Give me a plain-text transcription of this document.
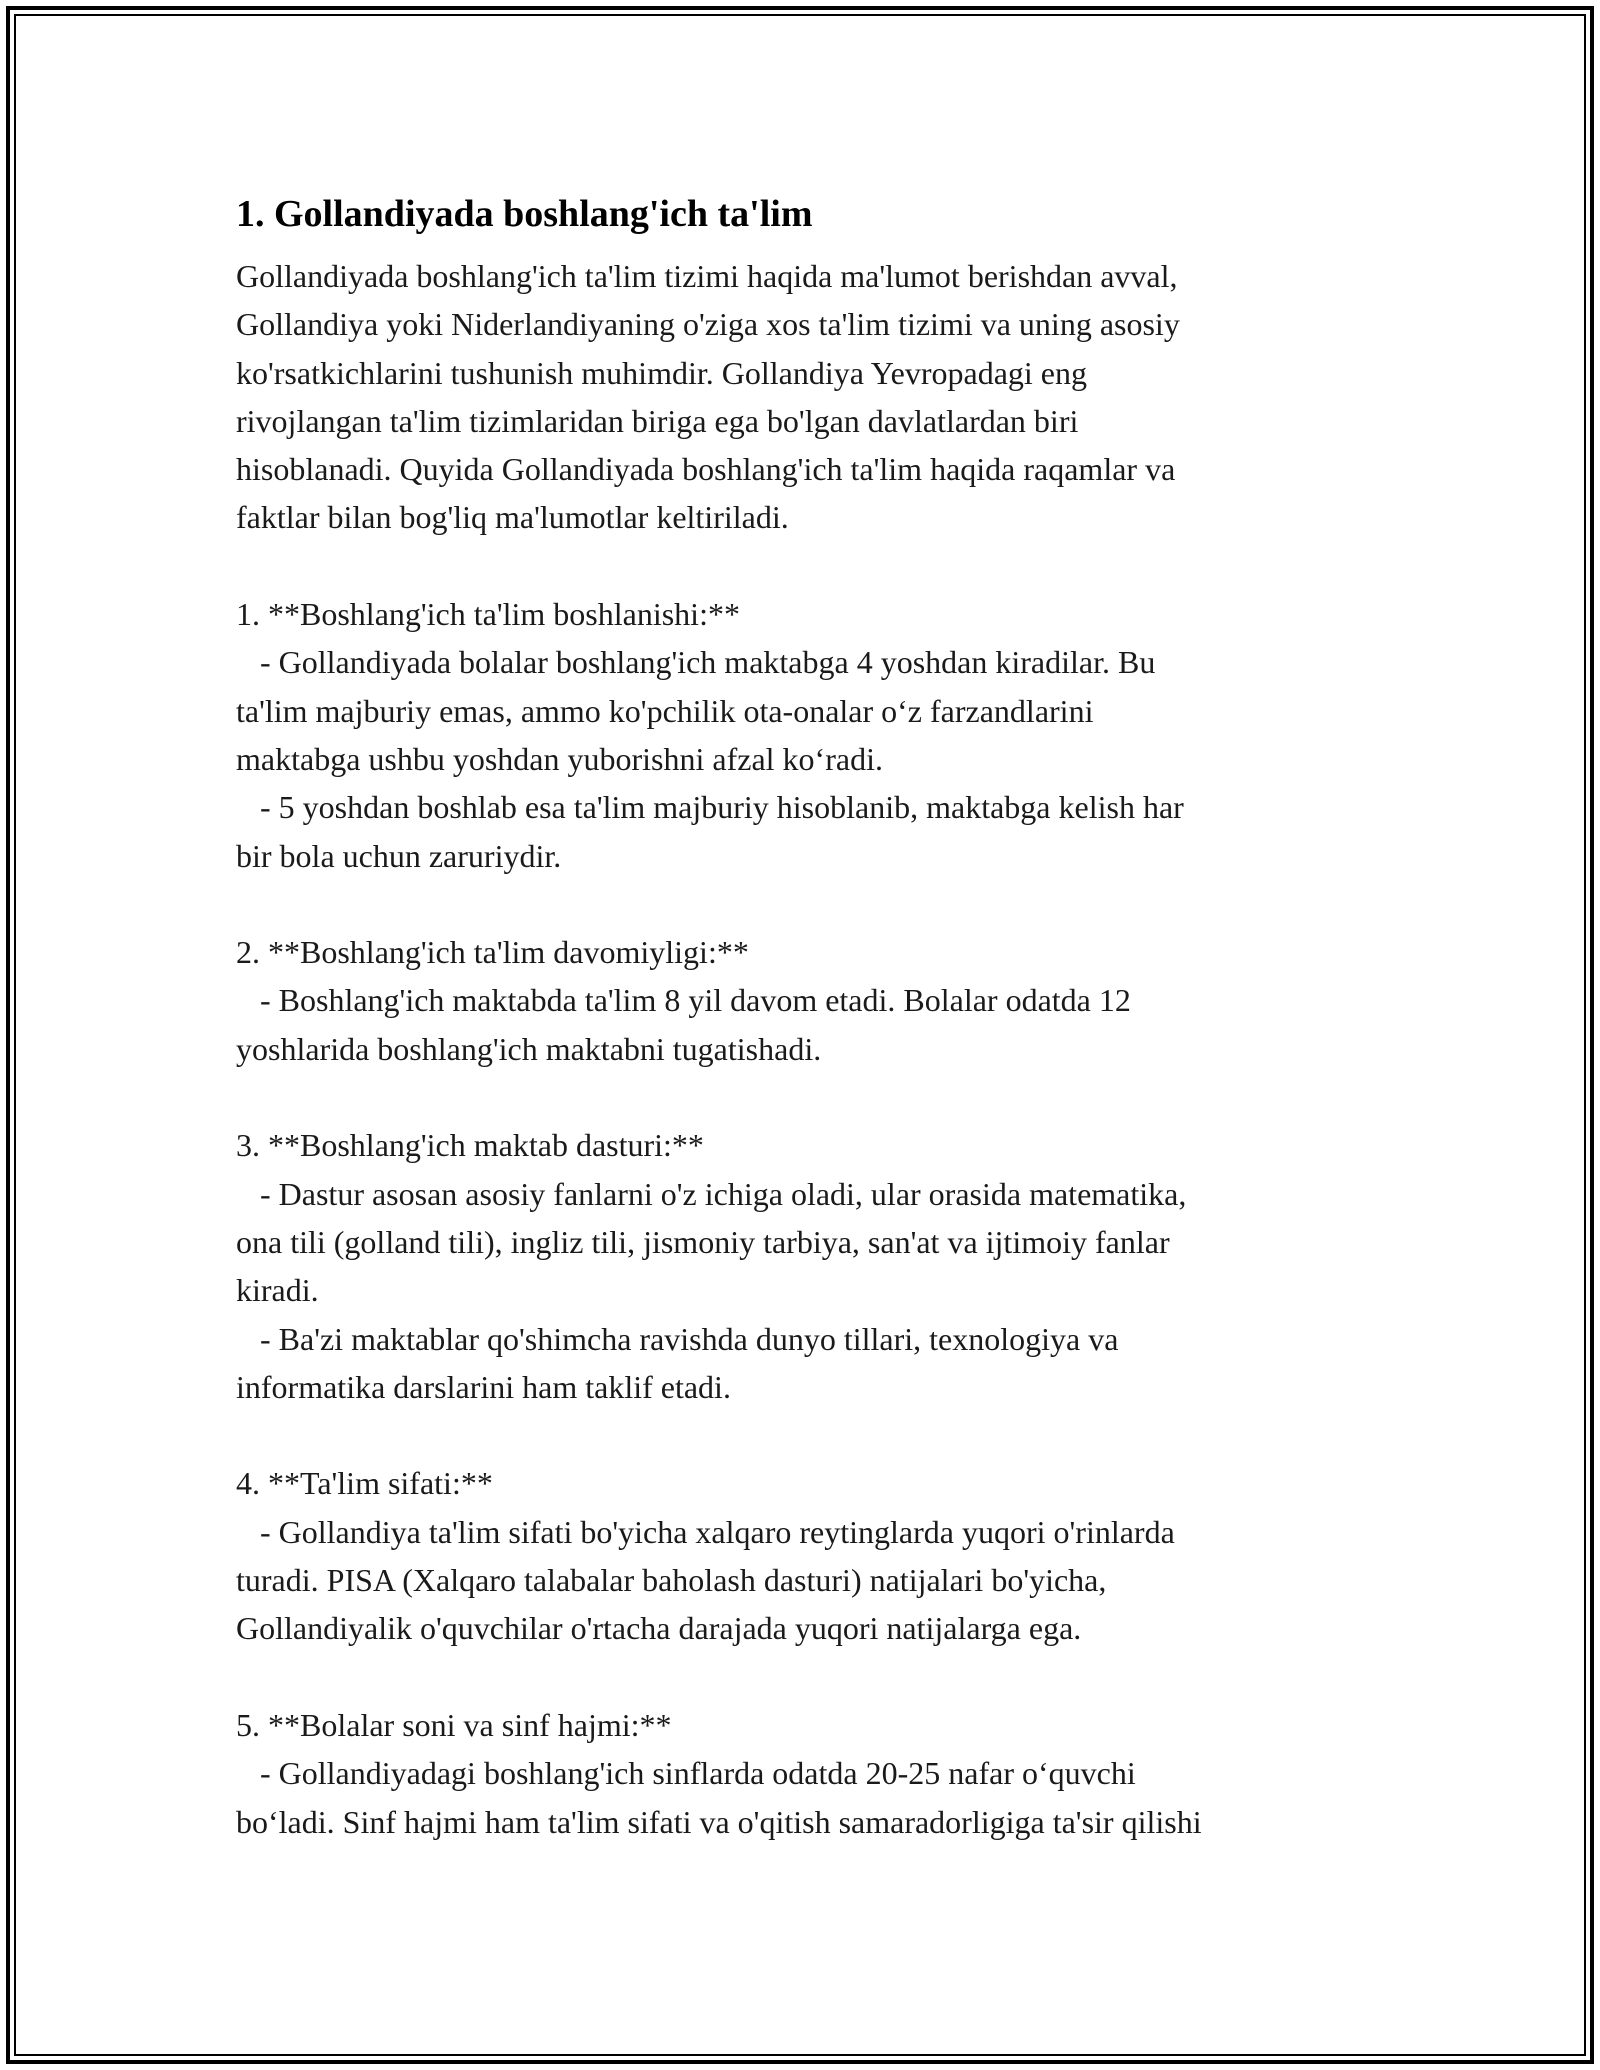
1. Gollandiyada boshlang'ich ta'lim
Gollandiyada boshlang'ich ta'lim tizimi haqida ma'lumot berishdan avval,
Gollandiya yoki Niderlandiyaning o'ziga xos ta'lim tizimi va uning asosiy
ko'rsatkichlarini tushunish muhimdir. Gollandiya Yevropadagi eng
rivojlangan ta'lim tizimlaridan biriga ega bo'lgan davlatlardan biri
hisoblanadi. Quyida Gollandiyada boshlang'ich ta'lim haqida raqamlar va
faktlar bilan bog'liq ma'lumotlar keltiriladi.

1. **Boshlang'ich ta'lim boshlanishi:**
- Gollandiyada bolalar boshlang'ich maktabga 4 yoshdan kiradilar. Bu
ta'lim majburiy emas, ammo ko'pchilik ota-onalar o‘z farzandlarini
maktabga ushbu yoshdan yuborishni afzal ko‘radi.
- 5 yoshdan boshlab esa ta'lim majburiy hisoblanib, maktabga kelish har
bir bola uchun zaruriydir.

2. **Boshlang'ich ta'lim davomiyligi:**
- Boshlang'ich maktabda ta'lim 8 yil davom etadi. Bolalar odatda 12
yoshlarida boshlang'ich maktabni tugatishadi.

3. **Boshlang'ich maktab dasturi:**
- Dastur asosan asosiy fanlarni o'z ichiga oladi, ular orasida matematika,
ona tili (golland tili), ingliz tili, jismoniy tarbiya, san'at va ijtimoiy fanlar
kiradi.
- Ba'zi maktablar qo'shimcha ravishda dunyo tillari, texnologiya va
informatika darslarini ham taklif etadi.

4. **Ta'lim sifati:**
- Gollandiya ta'lim sifati bo'yicha xalqaro reytinglarda yuqori o'rinlarda
turadi. PISA (Xalqaro talabalar baholash dasturi) natijalari bo'yicha,
Gollandiyalik o'quvchilar o'rtacha darajada yuqori natijalarga ega.

5. **Bolalar soni va sinf hajmi:**
- Gollandiyadagi boshlang'ich sinflarda odatda 20-25 nafar o‘quvchi
bo‘ladi. Sinf hajmi ham ta'lim sifati va o'qitish samaradorligiga ta'sir qilishi
